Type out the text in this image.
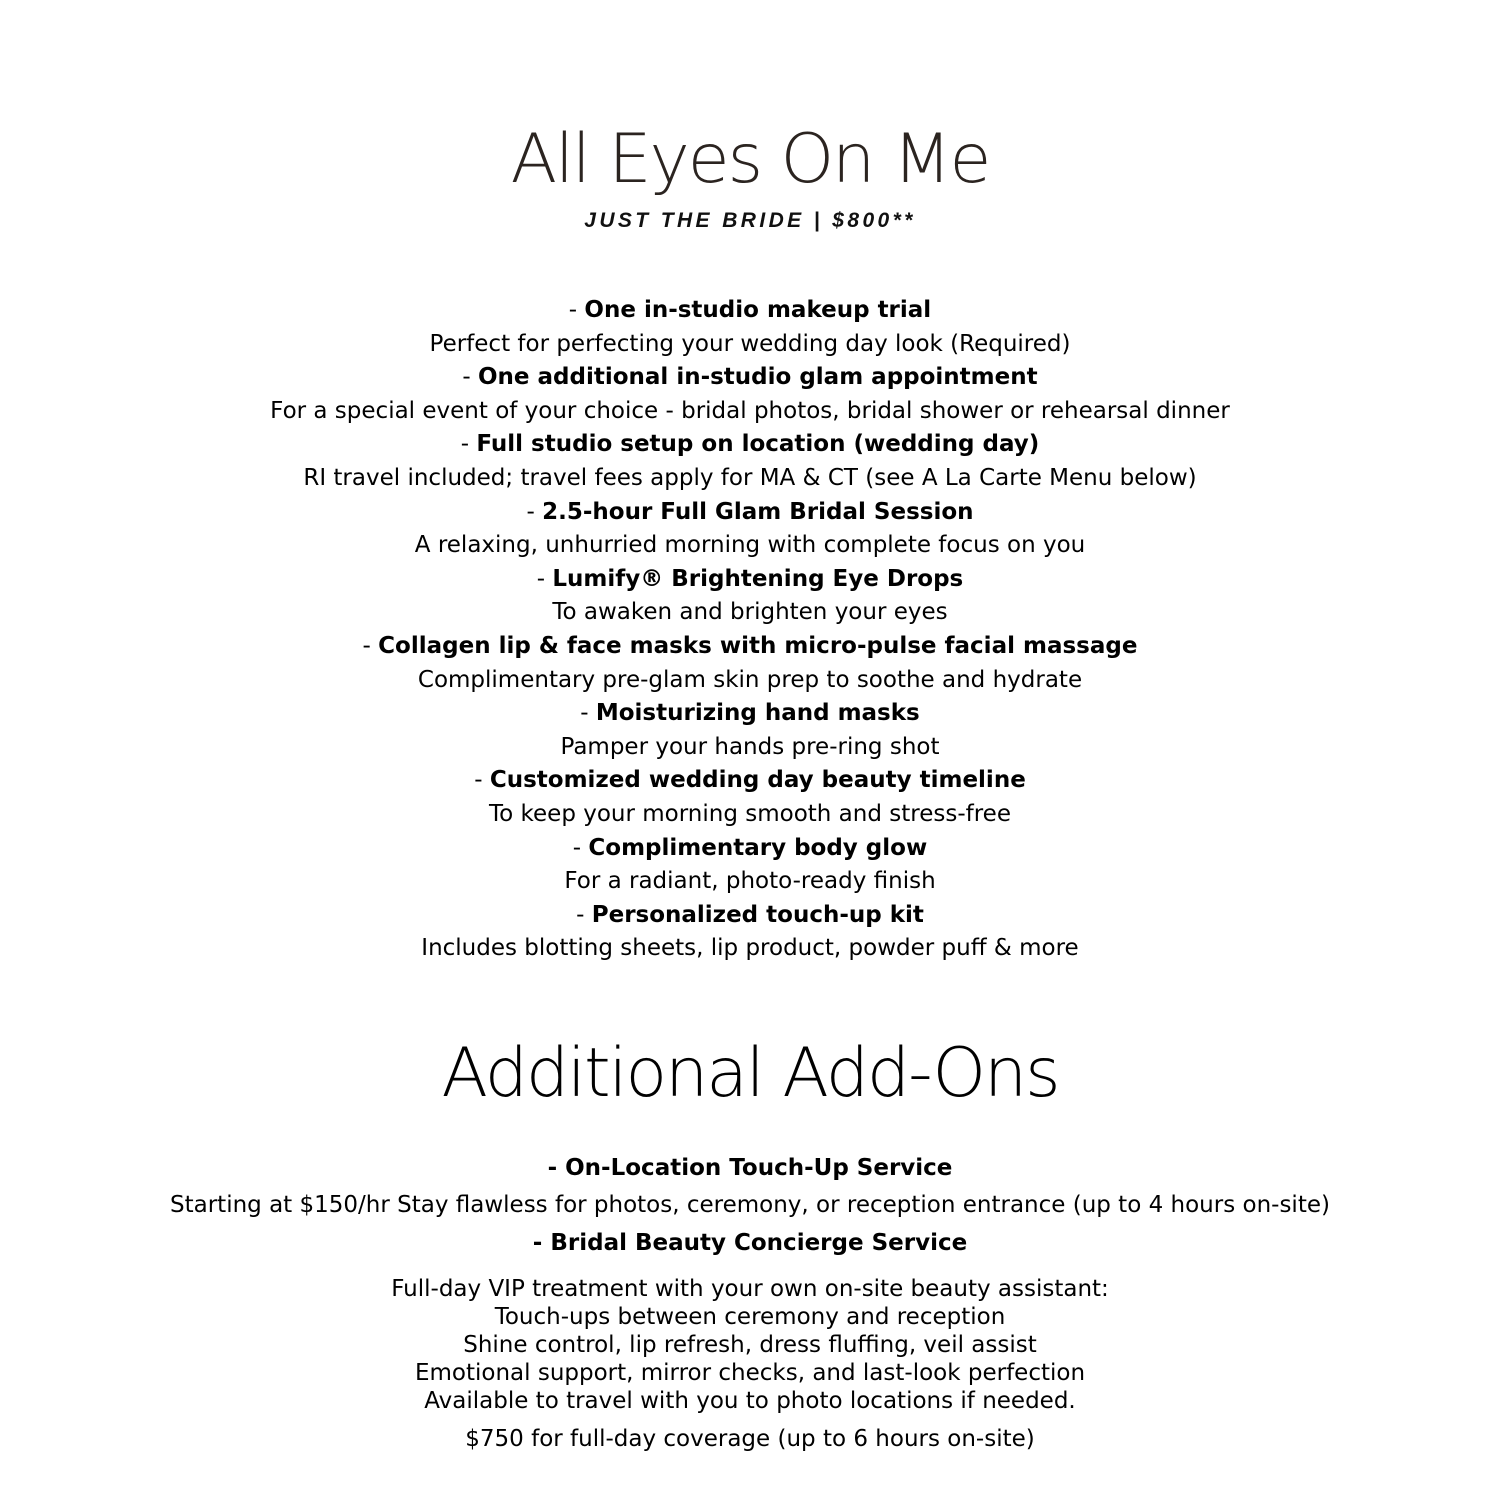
All Eyes On Me
JUST THE BRIDE | $800**
- One in-studio makeup trial
Perfect for perfecting your wedding day look (Required)
- One additional in-studio glam appointment
For a special event of your choice - bridal photos, bridal shower or rehearsal dinner
- Full studio setup on location (wedding day)
RI travel included; travel fees apply for MA & CT (see A La Carte Menu below)
- 2.5-hour Full Glam Bridal Session
A relaxing, unhurried morning with complete focus on you
- Lumify® Brightening Eye Drops
To awaken and brighten your eyes
- Collagen lip & face masks with micro-pulse facial massage
Complimentary pre-glam skin prep to soothe and hydrate
- Moisturizing hand masks
Pamper your hands pre-ring shot
- Customized wedding day beauty timeline
To keep your morning smooth and stress-free
- Complimentary body glow
For a radiant, photo-ready finish
- Personalized touch-up kit
Includes blotting sheets, lip product, powder puff & more
Additional Add-Ons
- On-Location Touch-Up Service
Starting at $150/hr Stay flawless for photos, ceremony, or reception entrance (up to 4 hours on-site)
- Bridal Beauty Concierge Service
Full-day VIP treatment with your own on-site beauty assistant:
Touch-ups between ceremony and reception
Shine control, lip refresh, dress fluffing, veil assist
Emotional support, mirror checks, and last-look perfection
Available to travel with you to photo locations if needed.
$750 for full-day coverage (up to 6 hours on-site)
